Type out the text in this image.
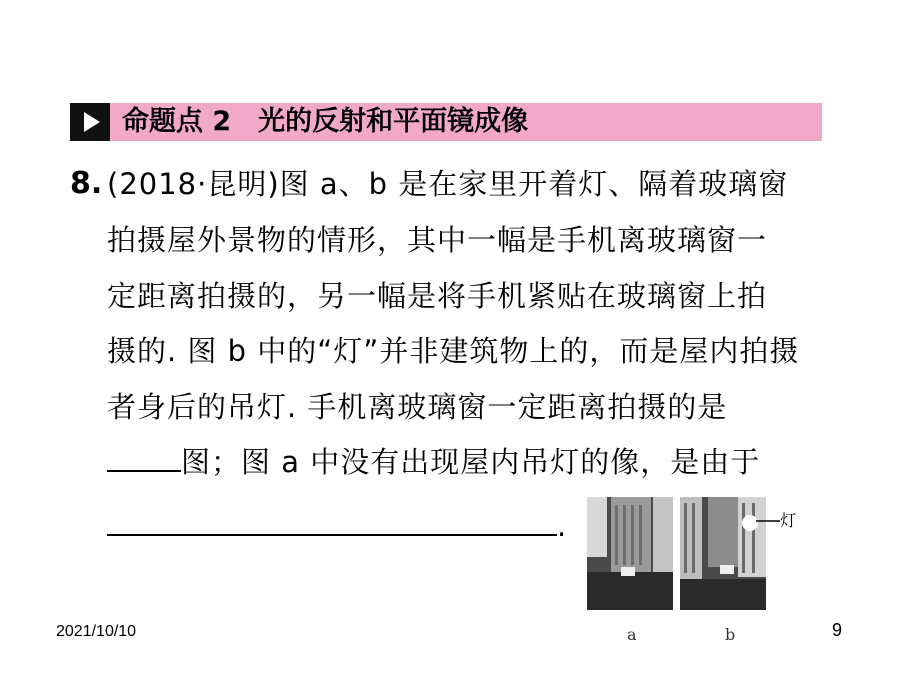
命题点 2　光的反射和平面镜成像
8. (2018·昆明)图 a、b 是在家里开着灯、隔着玻璃窗
拍摄屋外景物的情形，其中一幅是手机离玻璃窗一
定距离拍摄的，另一幅是将手机紧贴在玻璃窗上拍
摄的. 图 b 中的“灯”并非建筑物上的，而是屋内拍摄
者身后的吊灯. 手机离玻璃窗一定距离拍摄的是
图；图 a 中没有出现屋内吊灯的像，是由于
.	灯
a	b
2021/10/10	9
